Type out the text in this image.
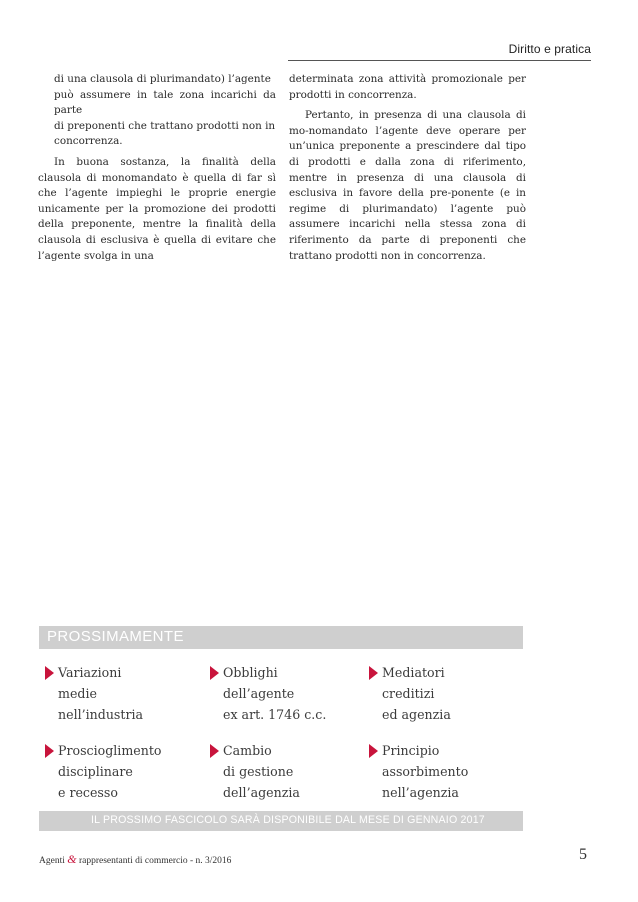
Diritto e pratica

di una clausola di plurimandato) l’agente

può assumere in tale zona incarichi da parte

di preponenti che trattano prodotti non in

concorrenza.

In buona sostanza, la finalità della clausola di monomandato è quella di far sì che l’agente impieghi le proprie energie unicamente per la promozione dei prodotti della preponente, mentre la finalità della clausola di esclusiva è quella di evitare che l’agente svolga in una

determinata zona attività promozionale per prodotti in concorrenza.

Pertanto, in presenza di una clausola di mo-nomandato l’agente deve operare per un’unica preponente a prescindere dal tipo di prodotti e dalla zona di riferimento, mentre in presenza di una clausola di esclusiva in favore della pre-ponente (e in regime di plurimandato) l’agente può assumere incarichi nella stessa zona di riferimento da parte di preponenti che trattano prodotti non in concorrenza.

PROSSIMAMENTE
Variazioni
medie
nell’industria
Obblighi
dell’agente
ex art. 1746 c.c.
Mediatori
creditizi
ed agenzia
Proscioglimento
disciplinare
e recesso
Cambio
di gestione
dell’agenzia
Principio
assorbimento
nell’agenzia
IL PROSSIMO FASCICOLO SARÀ DISPONIBILE DAL MESE DI GENNAIO 2017
Agenti & rappresentanti di commercio - n. 3/2016	5
